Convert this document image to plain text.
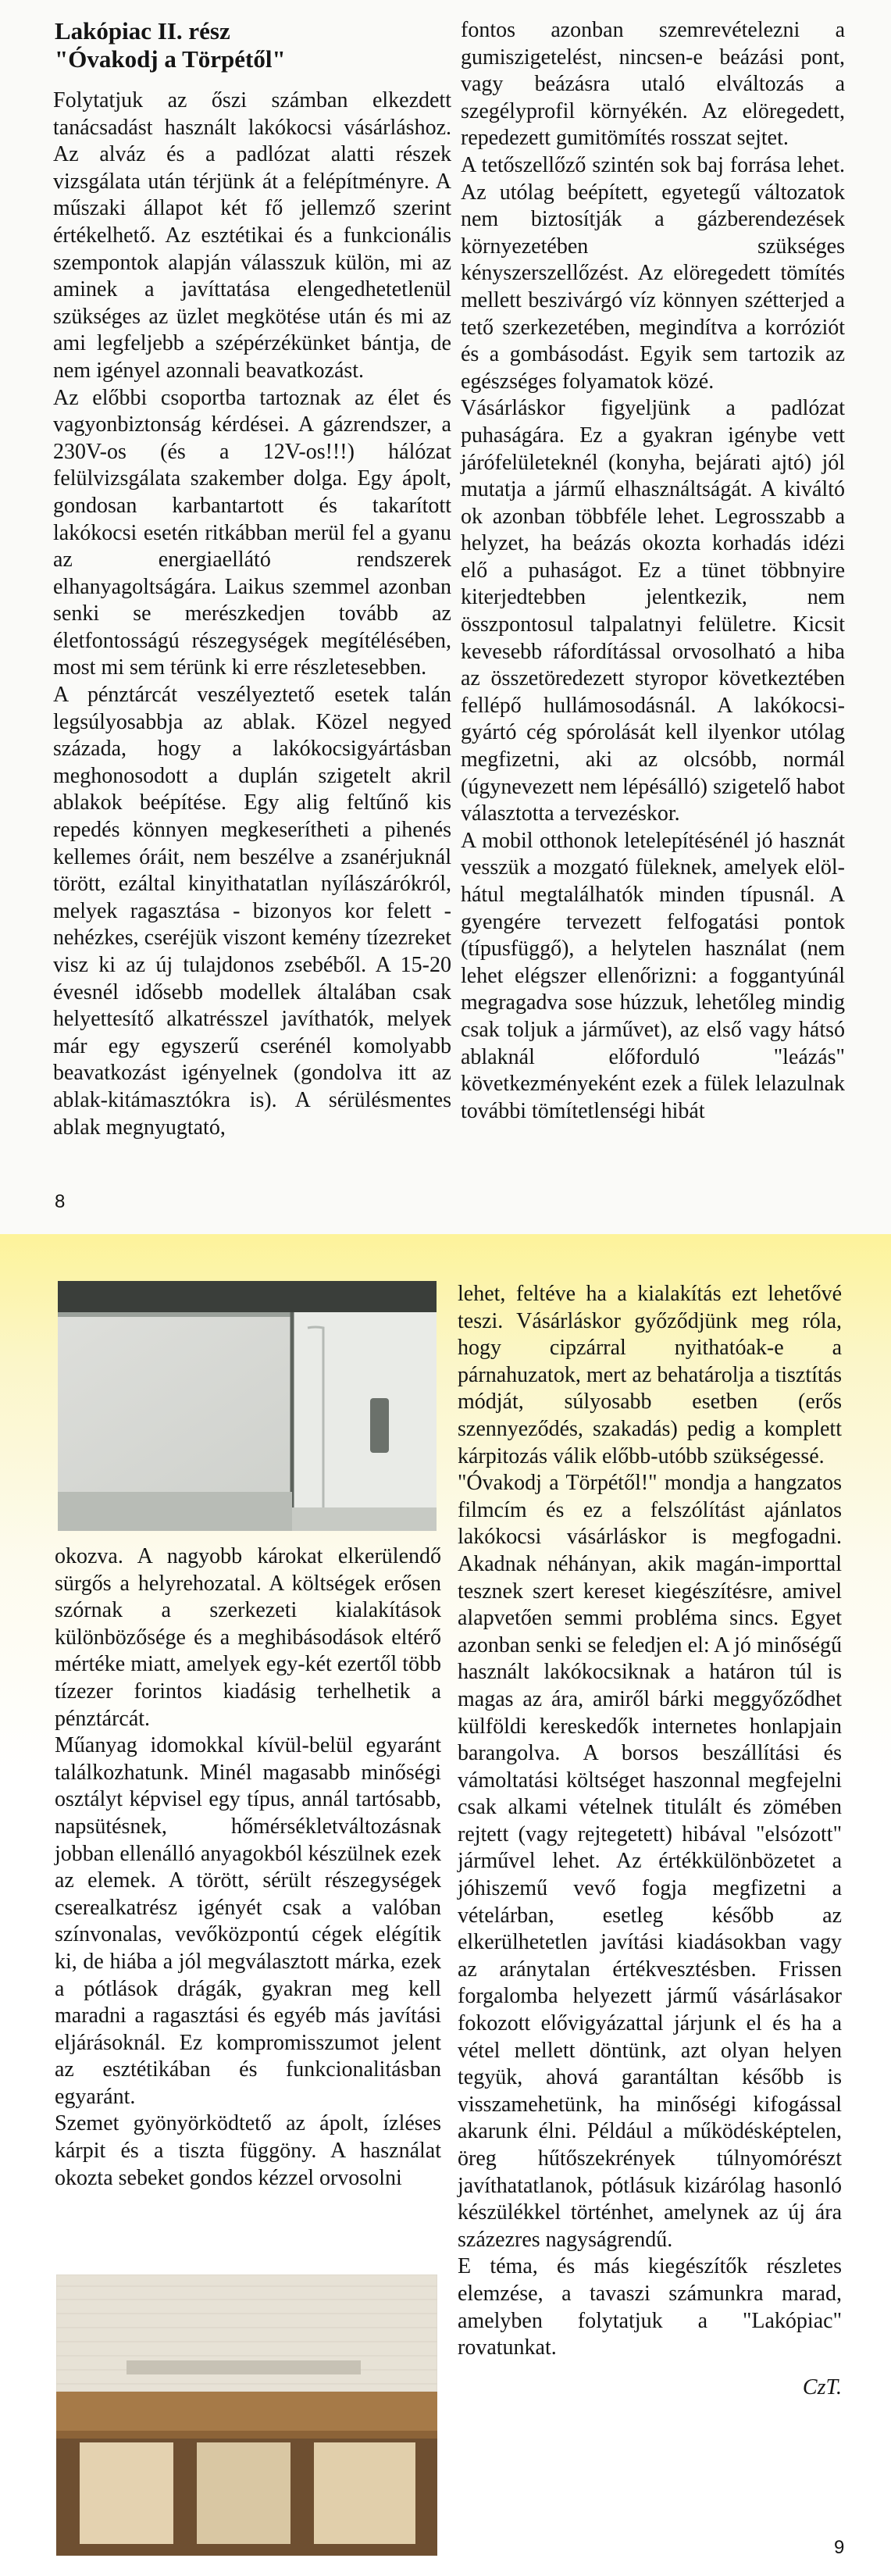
Lakópiac II. rész
"Óvakodj a Törpétől"

Folytatjuk az őszi számban elkezdett tanácsadást használt lakókocsi vásárláshoz. Az alváz és a padlózat alatti részek vizsgálata után térjünk át a felépítményre. A műszaki állapot két fő jellemző szerint értékelhető. Az esztétikai és a funkcionális szempontok alapján válasszuk külön, mi az aminek a javíttatása elengedhetetlenül szükséges az üzlet megkötése után és mi az ami legfeljebb a szépérzékünket bántja, de nem igényel azonnali beavatkozást.

Az előbbi csoportba tartoznak az élet és vagyonbiztonság kérdései. A gázrendszer, a 230V-os (és a 12V-os!!!) hálózat felülvizsgálata szakember dolga. Egy ápolt, gondosan karbantartott és takarított lakókocsi esetén ritkábban merül fel a gyanu az energiaellátó rendszerek elhanyagoltságára. Laikus szemmel azonban senki se merészkedjen tovább az életfontosságú részegységek megítélésében, most mi sem térünk ki erre részletesebben.

A pénztárcát veszélyeztető esetek talán legsúlyosabbja az ablak. Közel negyed százada, hogy a lakókocsigyártásban meghonosodott a duplán szigetelt akril ablakok beépítése. Egy alig feltűnő kis repedés könnyen megkeserítheti a pihenés kellemes óráit, nem beszélve a zsanérjuknál törött, ezáltal kinyithatatlan nyílászárókról, melyek ragasztása - bizonyos kor felett - nehézkes, cseréjük viszont kemény tízezreket visz ki az új tulajdonos zsebéből. A 15-20 évesnél idősebb modellek általában csak helyettesítő alkatrésszel javíthatók, melyek már egy egyszerű cserénél komolyabb beavatkozást igényelnek (gondolva itt az ablak-kitámasztókra is). A sérülésmentes ablak megnyugtató,

fontos azonban szemrevételezni a gumiszigetelést, nincsen-e beázási pont, vagy beázásra utaló elváltozás a szegélyprofil környékén. Az elöregedett, repedezett gumitömítés rosszat sejtet.

A tetőszellőző szintén sok baj forrása lehet. Az utólag beépített, egyetegű változatok nem biztosítják a gázberendezések környezetében szükséges kényszerszellőzést. Az elöregedett tömítés mellett beszivárgó víz könnyen szétterjed a tető szerkezetében, megindítva a korróziót és a gombásodást. Egyik sem tartozik az egészséges folyamatok közé.

Vásárláskor figyeljünk a padlózat puhaságára. Ez a gyakran igénybe vett járófelületeknél (konyha, bejárati ajtó) jól mutatja a jármű elhasználtságát. A kiváltó ok azonban többféle lehet. Legrosszabb a helyzet, ha beázás okozta korhadás idézi elő a puhaságot. Ez a tünet többnyire kiterjedtebben jelentkezik, nem összpontosul talpalatnyi felületre. Kicsit kevesebb ráfordítással orvosolható a hiba az összetöredezett styropor következtében fellépő hullámosodásnál. A lakókocsi-gyártó cég spórolását kell ilyenkor utólag megfizetni, aki az olcsóbb, normál (úgynevezett nem lépésálló) szigetelő habot választotta a tervezéskor.

A mobil otthonok letelepítésénél jó hasznát vesszük a mozgató füleknek, amelyek elöl-hátul megtalálhatók minden típusnál. A gyengére tervezett felfogatási pontok (típusfüggő), a helytelen használat (nem lehet elégszer ellenőrizni: a foggantyúnál megragadva sose húzzuk, lehetőleg mindig csak toljuk a járművet), az első vagy hátsó ablaknál előforduló "leázás" következményeként ezek a fülek lelazulnak további tömítetlenségi hibát

8

okozva. A nagyobb károkat elkerülendő sürgős a helyrehozatal. A költségek erősen szórnak a szerkezeti kialakítások különbözősége és a meghibásodások eltérő mértéke miatt, amelyek egy-két ezertől több tízezer forintos kiadásig terhelhetik a pénztárcát.

Műanyag idomokkal kívül-belül egyaránt találkozhatunk. Minél magasabb minőségi osztályt képvisel egy típus, annál tartósabb, napsütésnek, hőmérsékletváltozásnak jobban ellenálló anyagokból készülnek ezek az elemek. A törött, sérült részegységek cserealkatrész igényét csak a valóban színvonalas, vevőközpontú cégek elégítik ki, de hiába a jól megválasztott márka, ezek a pótlások drágák, gyakran meg kell maradni a ragasztási és egyéb más javítási eljárásoknál. Ez kompromisszumot jelent az esztétikában és funkcionalitásban egyaránt.

Szemet gyönyörködtető az ápolt, ízléses kárpit és a tiszta függöny. A használat okozta sebeket gondos kézzel orvosolni

lehet, feltéve ha a kialakítás ezt lehetővé teszi. Vásárláskor győződjünk meg róla, hogy cipzárral nyithatóak-e a párnahuzatok, mert az behatárolja a tisztítás módját, súlyosabb esetben (erős szennyeződés, szakadás) pedig a komplett kárpitozás válik előbb-utóbb szükségessé.

"Óvakodj a Törpétől!" mondja a hangzatos filmcím és ez a felszólítást ajánlatos lakókocsi vásárláskor is megfogadni. Akadnak néhányan, akik magán-importtal tesznek szert kereset kiegészítésre, amivel alapvetően semmi probléma sincs. Egyet azonban senki se feledjen el: A jó minőségű használt lakókocsiknak a határon túl is magas az ára, amiről bárki meggyőződhet külföldi kereskedők internetes honlapjain barangolva. A borsos beszállítási és vámoltatási költséget haszonnal megfejelni csak alkami vételnek titulált és zömében rejtett (vagy rejtegetett) hibával "elsózott" járművel lehet. Az értékkülönbözetet a jóhiszemű vevő fogja megfizetni a vételárban, esetleg később az elkerülhetetlen javítási kiadásokban vagy az aránytalan értékvesztésben. Frissen forgalomba helyezett jármű vásárlásakor fokozott elővigyázattal járjunk el és ha a vétel mellett döntünk, azt olyan helyen tegyük, ahová garantáltan később is visszamehetünk, ha minőségi kifogással akarunk élni. Például a működésképtelen, öreg hűtőszekrények túlnyomórészt javíthatatlanok, pótlásuk kizárólag hasonló készülékkel történhet, amelynek az új ára százezres nagyságrendű.

E téma, és más kiegészítők részletes elemzése, a tavaszi számunkra marad, amelyben folytatjuk a "Lakópiac" rovatunkat.

CzT.

9
